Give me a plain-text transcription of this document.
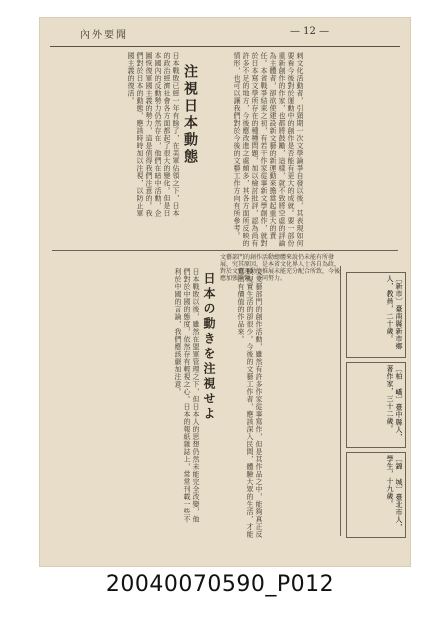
內外要聞	— 12 —
刺文化活動者，引頸期一次文學論爭自發以後，其表現如何要看今後對於運動中的創作是否能有更大的成就。要一部份重新創作的作家，也都將鼓勵，這樣，就不致將空虛的評論為主體者，卻欲使建設新文藝的新運動來擔當起重大的責任。本省戰爭結束之初，有若干作家從事新文學創作，就對於日本寫文學所存在的種種問題，加以檢討批評，認為尚有許多不足的地方，今後應改進之處頗多，其各方面所反映的情形，也可以讓我們對於今後的文藝工作方向有所參考。
注視日本動態
日本戰敗已經一年有餘了，在美軍佔領之下，日本的政治經濟社會各方面都起了很大的變化。但是日本國內的反動勢力仍然存在，他們在暗中活動，企圖恢復軍國主義的勢力，這是值得我們注意的。我們對於日本的動態，應該時時加以注視，以防止軍國主義的復活。
又文藝部門的創作活動，雖然有許多作家從事寫作，但是其作品之中，能夠真正反映現實生活的卻很少。今後的文藝工作者，應該深入民間，體驗大眾的生活，才能寫出有價值的作品來。
日本の動きを注視せよ
日本戰敗以後，雖然在盟軍管理之下，但日本人的思想仍然未能完全改變，他們對於中國的態度，依然存有輕視之心。日本的報紙雜誌上，常常刊載一些不利於中國的言論，我們應該嚴加注意。	〔新市〕臺南縣新市鄉人，教員，二十歲。
〔柏 嶠〕臺中縣人，著作家，三十二歲。
〔錦 城〕臺北市人，學生，十九歲。
文藝部門的創作活動總體來說仍未能有所發展，究其原因，是本省文化界人士各自為政，對於文藝運動的推展未能充分配合所致，今後應加強聯繫，共同努力。
20040070590_P012
